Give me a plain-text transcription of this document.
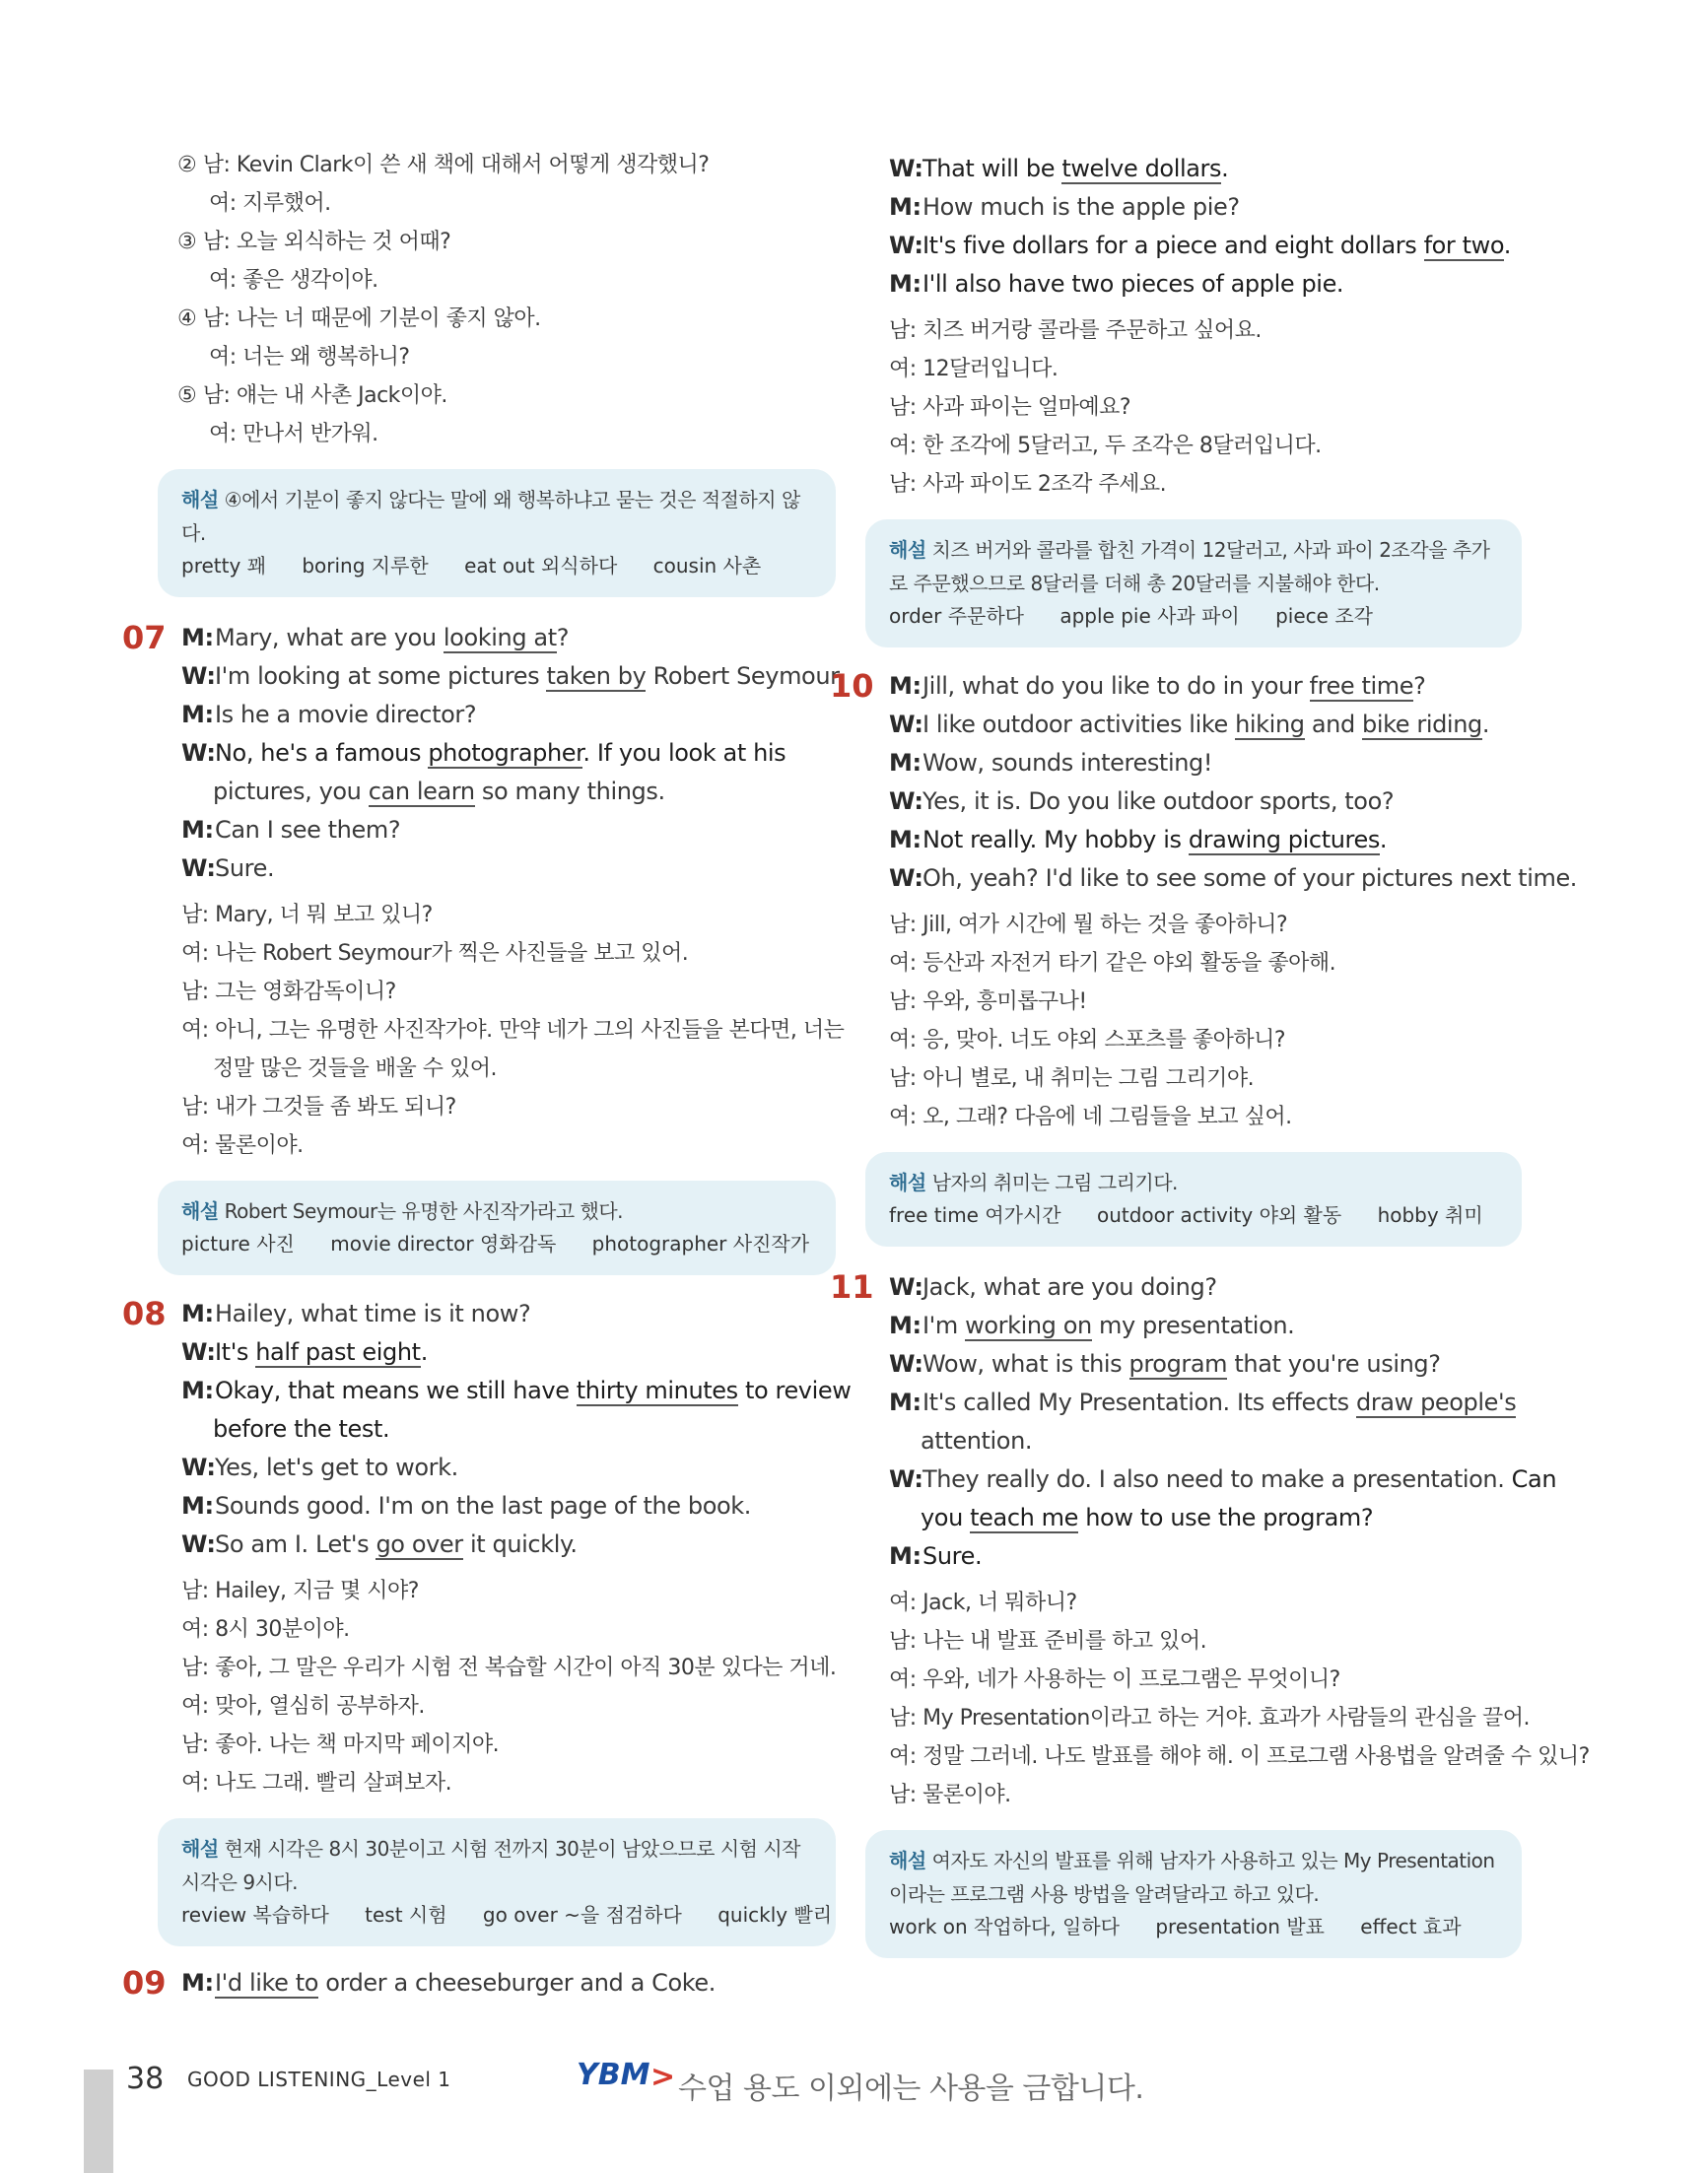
② 남: Kevin Clark이 쓴 새 책에 대해서 어떻게 생각했니?
여: 지루했어.
③ 남: 오늘 외식하는 것 어때?
여: 좋은 생각이야.
④ 남: 나는 너 때문에 기분이 좋지 않아.
여: 너는 왜 행복하니?
⑤ 남: 얘는 내 사촌 Jack이야.
여: 만나서 반가워.
해설 ④에서 기분이 좋지 않다는 말에 왜 행복하냐고 묻는 것은 적절하지 않다.
pretty 꽤 boring 지루한 eat out 외식하다 cousin 사촌
07 M:Mary, what are you looking at?
W:I'm looking at some pictures taken by Robert Seymour.
M:Is he a movie director?
W:No, he's a famous photographer. If you look at his
pictures, you can learn so many things.
M:Can I see them?
W:Sure.
남: Mary, 너 뭐 보고 있니?
여: 나는 Robert Seymour가 찍은 사진들을 보고 있어.
남: 그는 영화감독이니?
여: 아니, 그는 유명한 사진작가야. 만약 네가 그의 사진들을 본다면, 너는
정말 많은 것들을 배울 수 있어.
남: 내가 그것들 좀 봐도 되니?
여: 물론이야.
해설 Robert Seymour는 유명한 사진작가라고 했다.
picture 사진 movie director 영화감독 photographer 사진작가
08 M:Hailey, what time is it now?
W:It's half past eight.
M:Okay, that means we still have thirty minutes to review
before the test.
W:Yes, let's get to work.
M:Sounds good. I'm on the last page of the book.
W:So am I. Let's go over it quickly.
남: Hailey, 지금 몇 시야?
여: 8시 30분이야.
남: 좋아, 그 말은 우리가 시험 전 복습할 시간이 아직 30분 있다는 거네.
여: 맞아, 열심히 공부하자.
남: 좋아. 나는 책 마지막 페이지야.
여: 나도 그래. 빨리 살펴보자.
해설 현재 시각은 8시 30분이고 시험 전까지 30분이 남았으므로 시험 시작 시각은 9시다.
review 복습하다 test 시험 go over ~을 점검하다 quickly 빨리
09 M:I'd like to order a cheeseburger and a Coke.
W:That will be twelve dollars.
M:How much is the apple pie?
W:It's five dollars for a piece and eight dollars for two.
M:I'll also have two pieces of apple pie.
남: 치즈 버거랑 콜라를 주문하고 싶어요.
여: 12달러입니다.
남: 사과 파이는 얼마예요?
여: 한 조각에 5달러고, 두 조각은 8달러입니다.
남: 사과 파이도 2조각 주세요.
해설 치즈 버거와 콜라를 합친 가격이 12달러고, 사과 파이 2조각을 추가로 주문했으므로 8달러를 더해 총 20달러를 지불해야 한다.
order 주문하다 apple pie 사과 파이 piece 조각
10 M:Jill, what do you like to do in your free time?
W:I like outdoor activities like hiking and bike riding.
M:Wow, sounds interesting!
W:Yes, it is. Do you like outdoor sports, too?
M:Not really. My hobby is drawing pictures.
W:Oh, yeah? I'd like to see some of your pictures next time.
남: Jill, 여가 시간에 뭘 하는 것을 좋아하니?
여: 등산과 자전거 타기 같은 야외 활동을 좋아해.
남: 우와, 흥미롭구나!
여: 응, 맞아. 너도 야외 스포츠를 좋아하니?
남: 아니 별로, 내 취미는 그림 그리기야.
여: 오, 그래? 다음에 네 그림들을 보고 싶어.
해설 남자의 취미는 그림 그리기다.
free time 여가시간 outdoor activity 야외 활동 hobby 취미
11 W:Jack, what are you doing?
M:I'm working on my presentation.
W:Wow, what is this program that you're using?
M:It's called My Presentation. Its effects draw people's
attention.
W:They really do. I also need to make a presentation. Can
you teach me how to use the program?
M:Sure.
여: Jack, 너 뭐하니?
남: 나는 내 발표 준비를 하고 있어.
여: 우와, 네가 사용하는 이 프로그램은 무엇이니?
남: My Presentation이라고 하는 거야. 효과가 사람들의 관심을 끌어.
여: 정말 그러네. 나도 발표를 해야 해. 이 프로그램 사용법을 알려줄 수 있니?
남: 물론이야.
해설 여자도 자신의 발표를 위해 남자가 사용하고 있는 My Presentation이라는 프로그램 사용 방법을 알려달라고 하고 있다.
work on 작업하다, 일하다 presentation 발표 effect 효과
38 GOOD LISTENING_Level 1	YBM > 수업 용도 이외에는 사용을 금합니다.
